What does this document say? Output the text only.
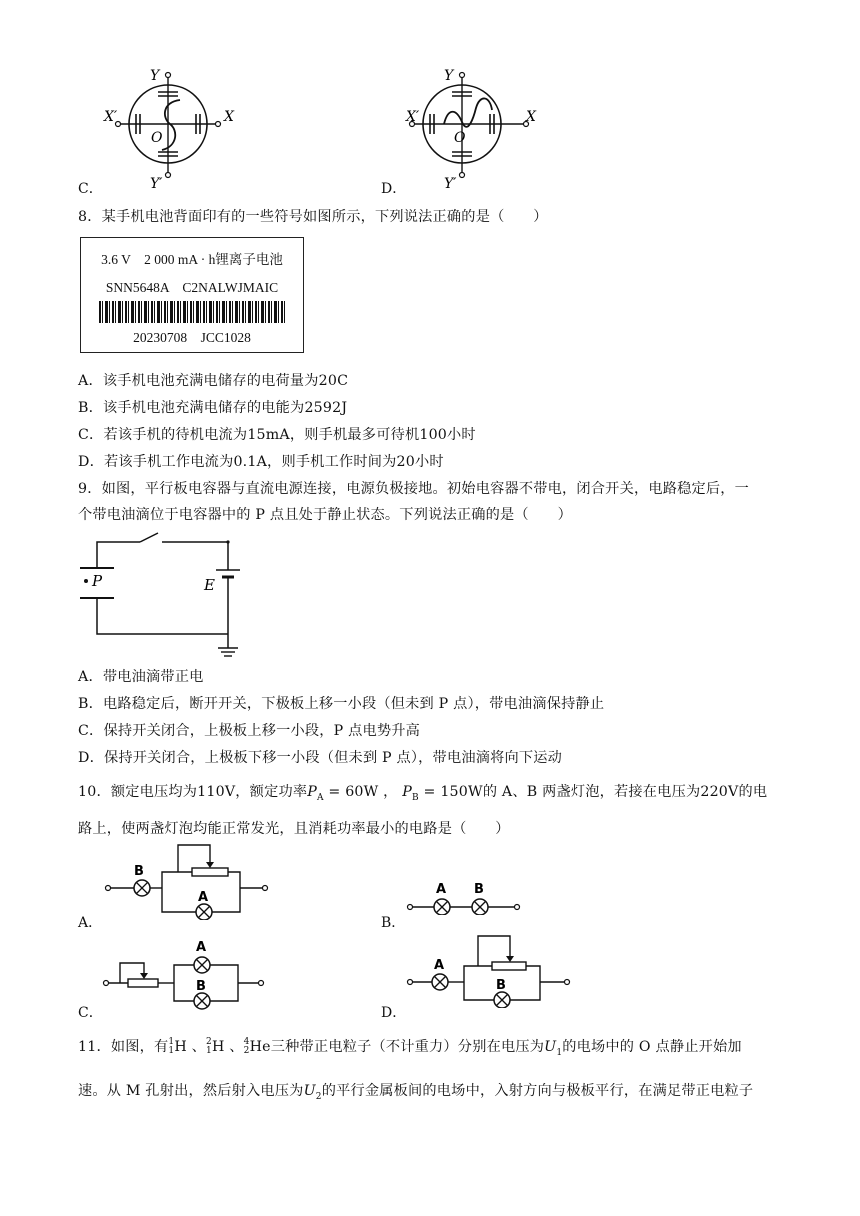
Y
Y′
X′	X
O
C．
Y
Y′
X′	X
O
D．
8．某手机电池背面印有的一些符号如图所示，下列说法正确的是（　　）
3.6 V　2 000 mA · h锂离子电池
SNN5648A　C2NALWJMAIC
20230708　JCC1028
A．该手机电池充满电储存的电荷量为20C
B．该手机电池充满电储存的电能为2592J
C．若该手机的待机电流为15mA，则手机最多可待机100小时
D．若该手机工作电流为0.1A，则手机工作时间为20小时
9．如图，平行板电容器与直流电源连接，电源负极接地。初始电容器不带电，闭合开关，电路稳定后，一
个带电油滴位于电容器中的 P 点且处于静止状态。下列说法正确的是（　　）
P	E
A．带电油滴带正电
B．电路稳定后，断开开关，下极板上移一小段（但未到 P 点），带电油滴保持静止
C．保持开关闭合，上极板上移一小段，P 点电势升高
D．保持开关闭合，上极板下移一小段（但未到 P 点），带电油滴将向下运动
10．额定电压均为110V，额定功率$P_A = 60W$ ， $P_B = 150W$的 A、B 两盏灯泡，若接在电压为220V的电
路上，使两盏灯泡均能正常发光，且消耗功率最小的电路是（　　）
B
A
A．
A B
B．
A
B
C．
A
B
D．
11．如图，有 1
1 H 、 2
1 H 、 4
2 He三种带正电粒子（不计重力）分别在电压为$U_1$的电场中的 O 点静止开始加
速。从 M 孔射出，然后射入电压为$U_2$的平行金属板间的电场中，入射方向与极板平行，在满足带正电粒子
